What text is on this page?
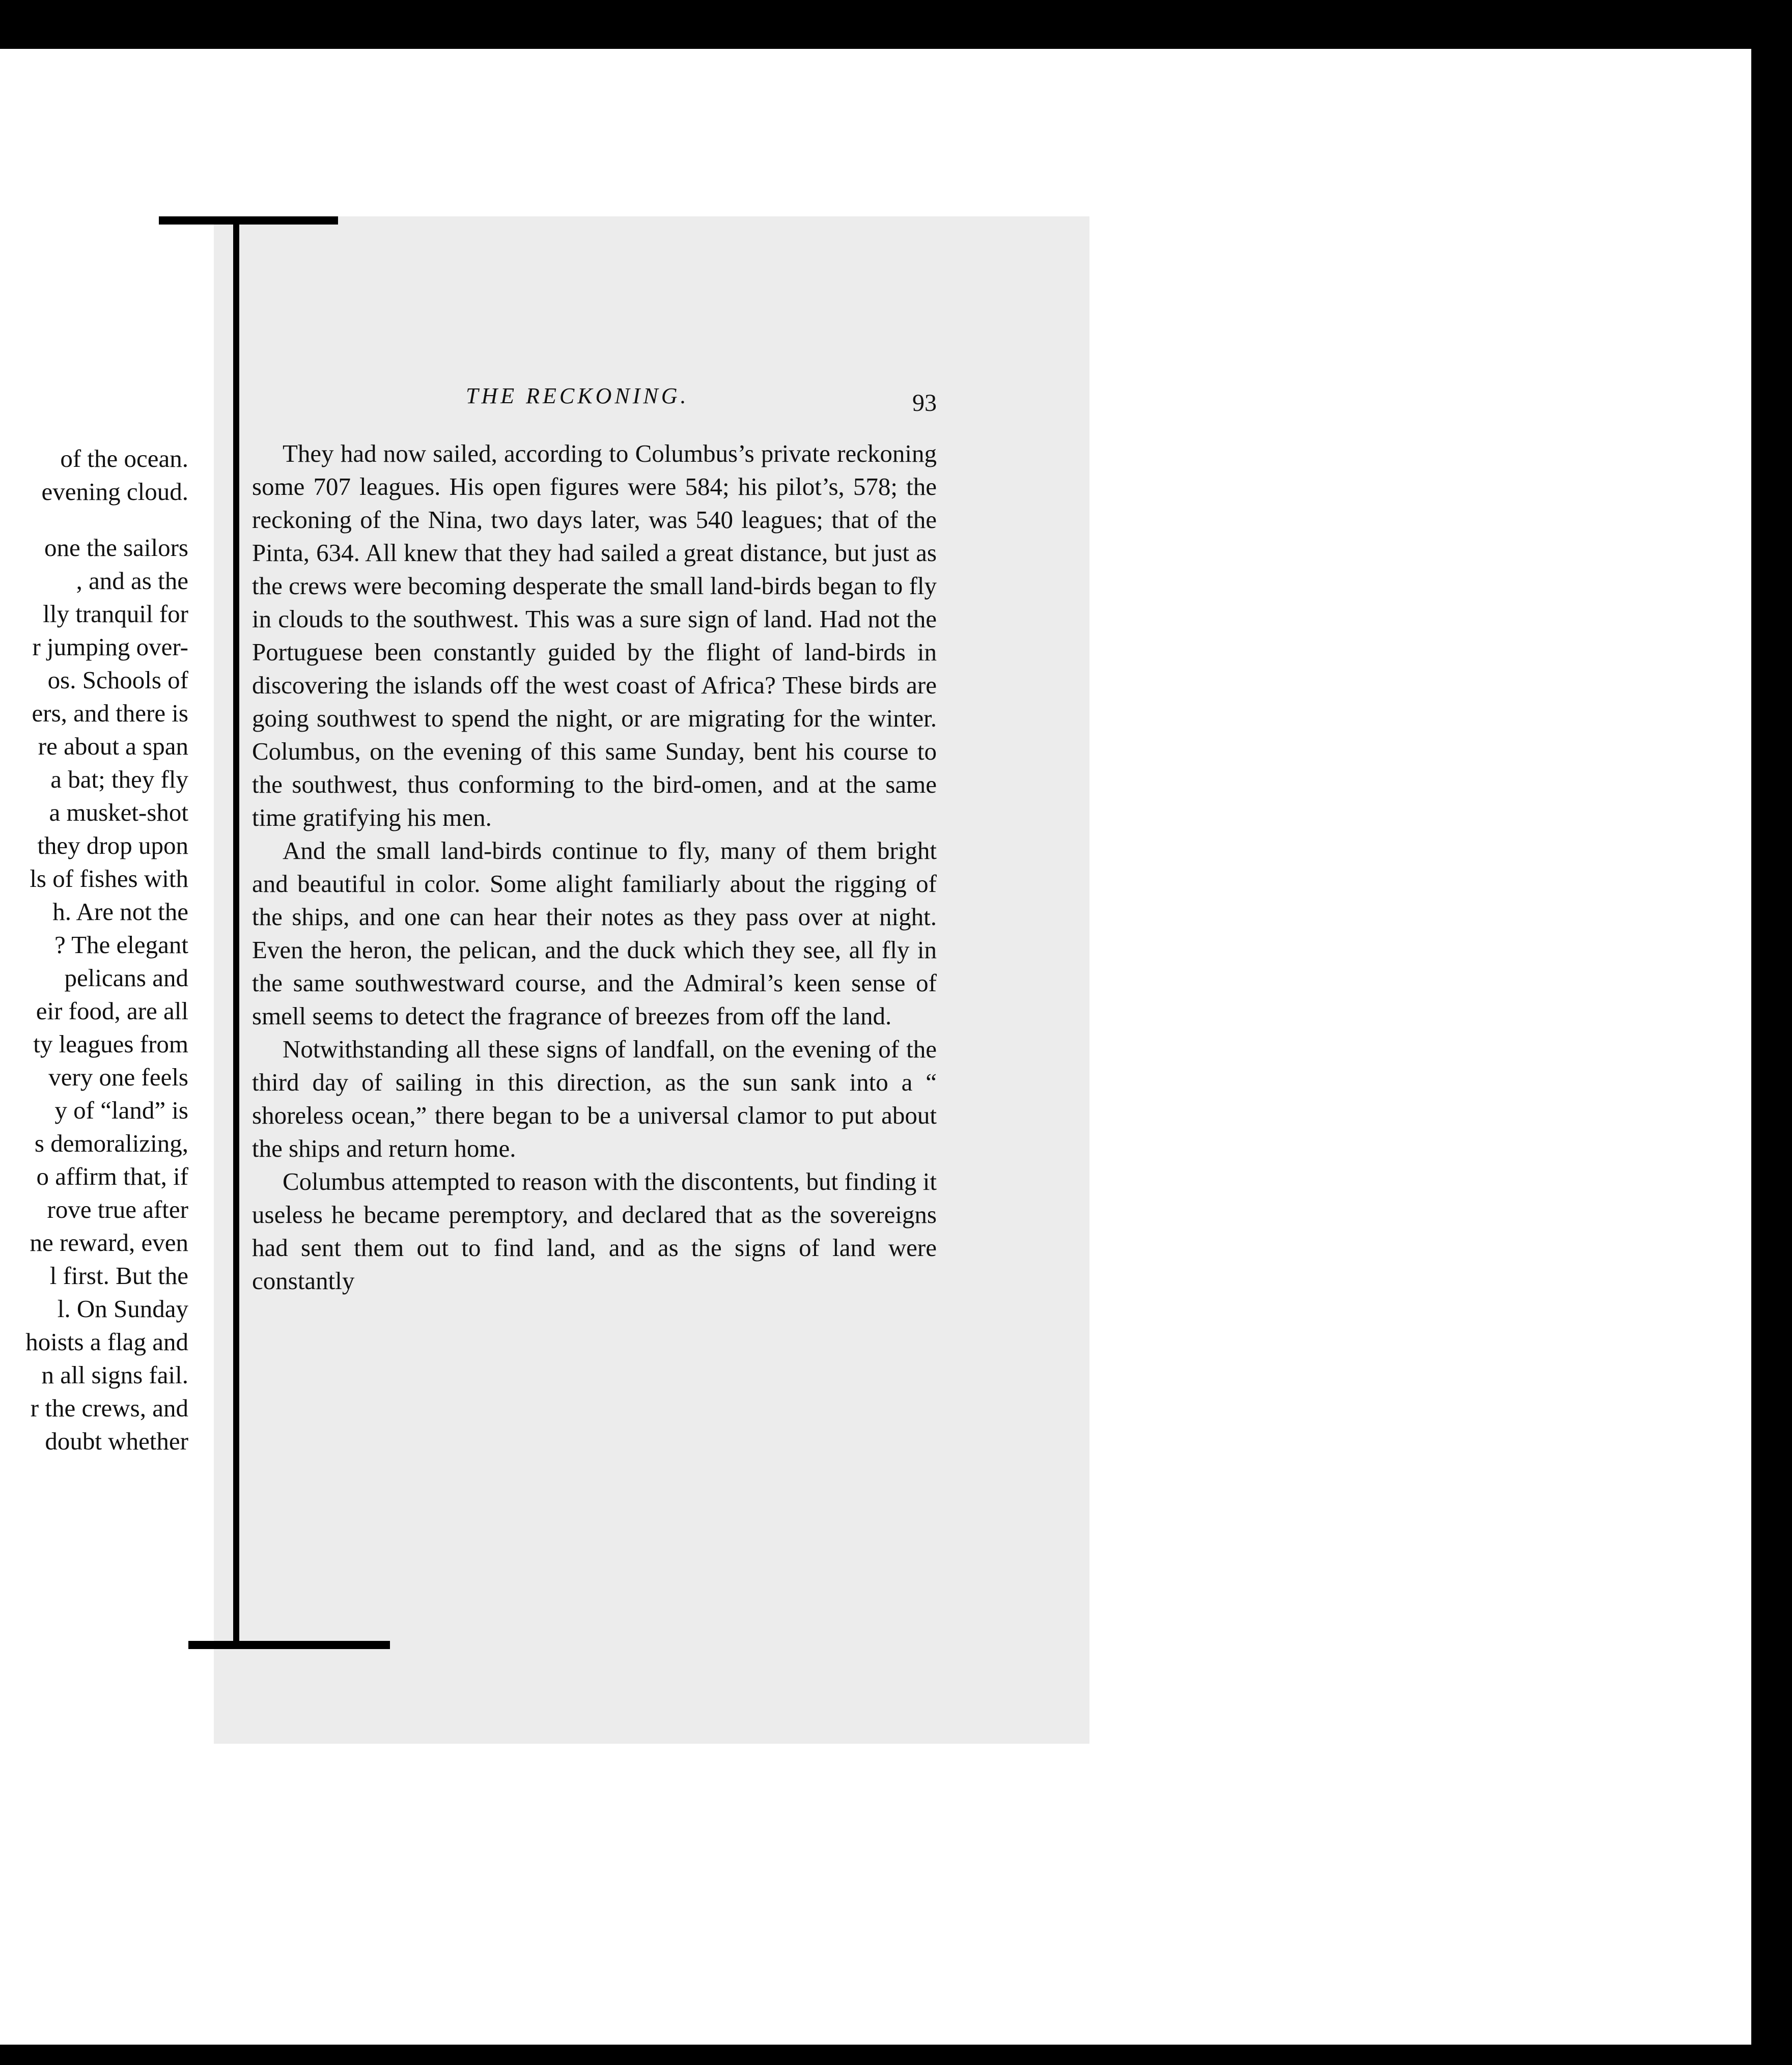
of the ocean.
evening cloud.
one the sailors
, and as the
lly tranquil for
r jumping over-
os. Schools of
ers, and there is
re about a span
a bat; they fly
a musket-shot
they drop upon
ls of fishes with
h. Are not the
? The elegant
pelicans and
eir food, are all
ty leagues from
very one feels
y of “land” is
s demoralizing,
o affirm that, if
rove true after
ne reward, even
l first. But the
l. On Sunday
hoists a flag and
n all signs fail.
r the crews, and
doubt whether
THE RECKONING.	93

They had now sailed, according to Columbus’s private reckoning some 707 leagues. His open figures were 584; his pilot’s, 578; the reckoning of the Nina, two days later, was 540 leagues; that of the Pinta, 634. All knew that they had sailed a great distance, but just as the crews were becoming desperate the small land-birds began to fly in clouds to the southwest. This was a sure sign of land. Had not the Portuguese been constantly guided by the flight of land-birds in discovering the islands off the west coast of Africa? These birds are going southwest to spend the night, or are migrating for the winter. Columbus, on the evening of this same Sunday, bent his course to the southwest, thus conforming to the bird-omen, and at the same time gratifying his men.

And the small land-birds continue to fly, many of them bright and beautiful in color. Some alight familiarly about the rigging of the ships, and one can hear their notes as they pass over at night. Even the heron, the pelican, and the duck which they see, all fly in the same southwestward course, and the Admiral’s keen sense of smell seems to detect the fragrance of breezes from off the land.

Notwithstanding all these signs of landfall, on the evening of the third day of sailing in this direction, as the sun sank into a “ shoreless ocean,” there began to be a universal clamor to put about the ships and return home.

Columbus attempted to reason with the discontents, but finding it useless he became peremptory, and declared that as the sovereigns had sent them out to find land, and as the signs of land were constantly
